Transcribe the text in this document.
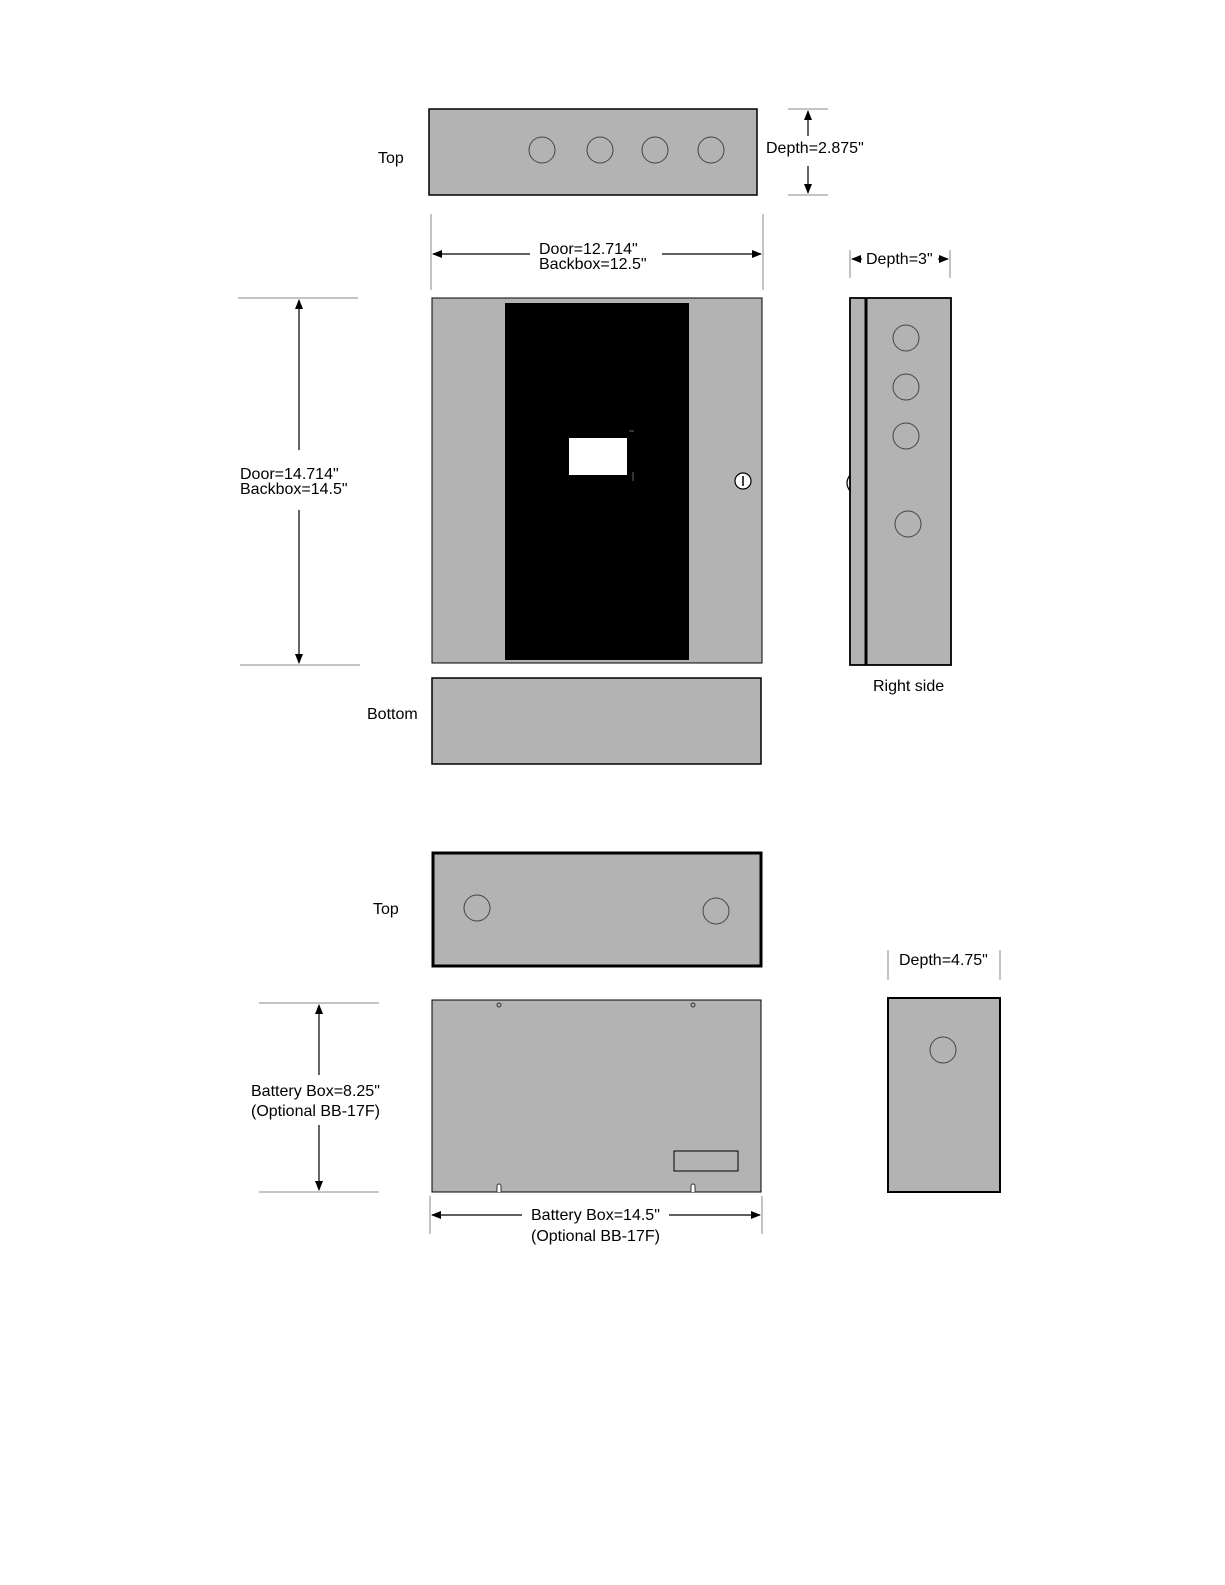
Top
Depth=2.875"
Door=12.714"
Backbox=12.5"
Door=14.714"
Backbox=14.5"
Bottom
Depth=3"
Right side
Top
Battery Box=8.25"
(Optional BB-17F)
Battery Box=14.5"
(Optional BB-17F)
Depth=4.75"
